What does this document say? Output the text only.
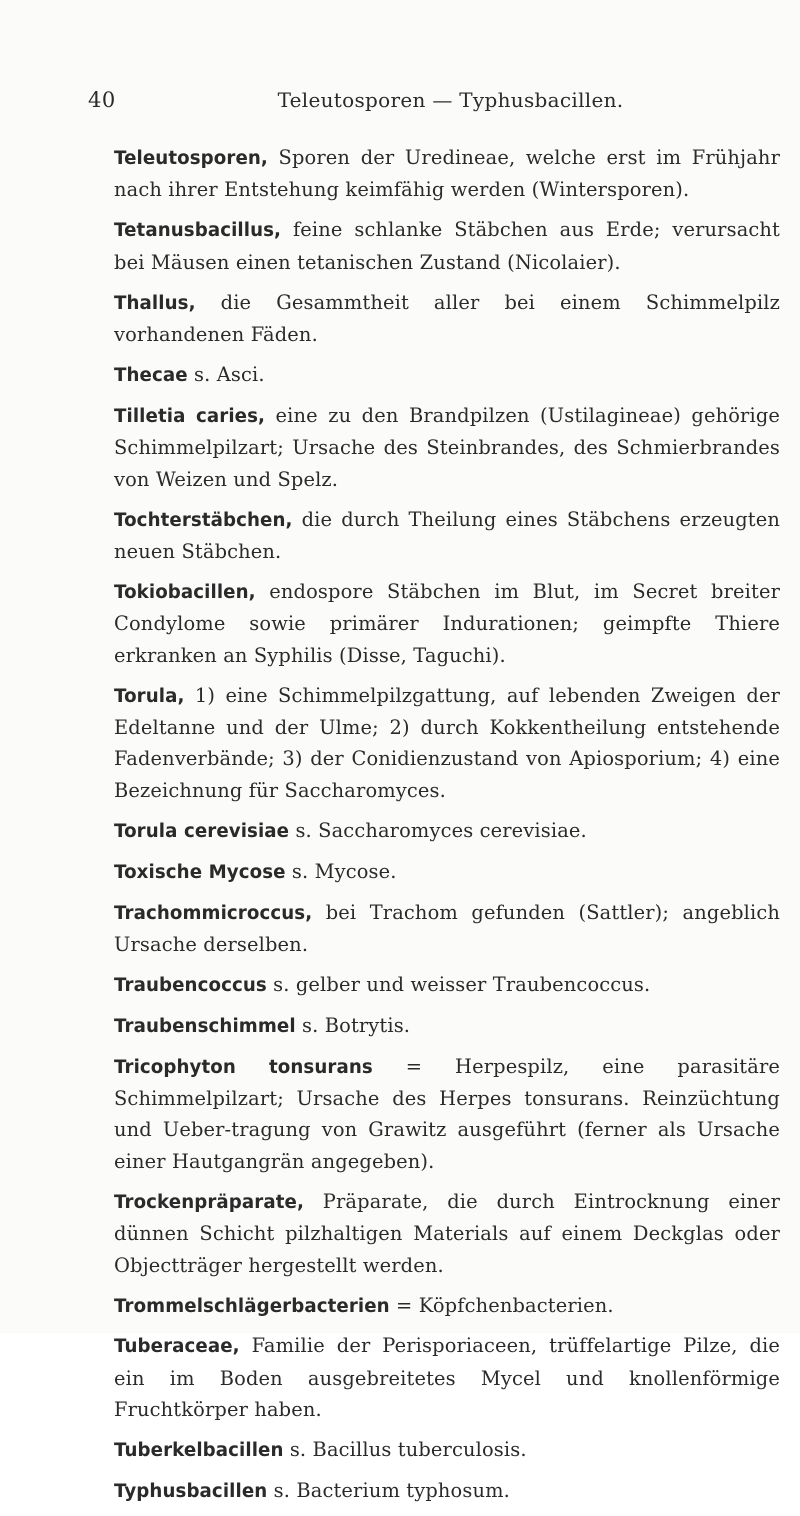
40	Teleutosporen — Typhusbacillen.

Teleutosporen, Sporen der Uredineae, welche erst im Frühjahr nach ihrer Entstehung keimfähig werden (Wintersporen).

Tetanusbacillus, feine schlanke Stäbchen aus Erde; verursacht bei Mäusen einen tetanischen Zustand (Nicolaier).

Thallus, die Gesammtheit aller bei einem Schimmelpilz vorhandenen Fäden.

Thecae s. Asci.

Tilletia caries, eine zu den Brandpilzen (Ustilagineae) gehörige Schimmelpilzart; Ursache des Steinbrandes, des Schmierbrandes von Weizen und Spelz.

Tochterstäbchen, die durch Theilung eines Stäbchens erzeugten neuen Stäbchen.

Tokiobacillen, endospore Stäbchen im Blut, im Secret breiter Condylome sowie primärer Indurationen; geimpfte Thiere erkranken an Syphilis (Disse, Taguchi).

Torula, 1) eine Schimmelpilzgattung, auf lebenden Zweigen der Edeltanne und der Ulme; 2) durch Kokkentheilung entstehende Fadenverbände; 3) der Conidienzustand von Apiosporium; 4) eine Bezeichnung für Saccharomyces.

Torula cerevisiae s. Saccharomyces cerevisiae.

Toxische Mycose s. Mycose.

Trachommicroccus, bei Trachom gefunden (Sattler); angeblich Ursache derselben.

Traubencoccus s. gelber und weisser Traubencoccus.

Traubenschimmel s. Botrytis.

Tricophyton tonsurans = Herpespilz, eine parasitäre Schimmelpilzart; Ursache des Herpes tonsurans. Reinzüchtung und Ueber-tragung von Grawitz ausgeführt (ferner als Ursache einer Hautgangrän angegeben).

Trockenpräparate, Präparate, die durch Eintrocknung einer dünnen Schicht pilzhaltigen Materials auf einem Deckglas oder Objectträger hergestellt werden.

Trommelschlägerbacterien = Köpfchenbacterien.

Tuberaceae, Familie der Perisporiaceen, trüffelartige Pilze, die ein im Boden ausgebreitetes Mycel und knollenförmige Fruchtkörper haben.

Tuberkelbacillen s. Bacillus tuberculosis.

Typhusbacillen s. Bacterium typhosum.
